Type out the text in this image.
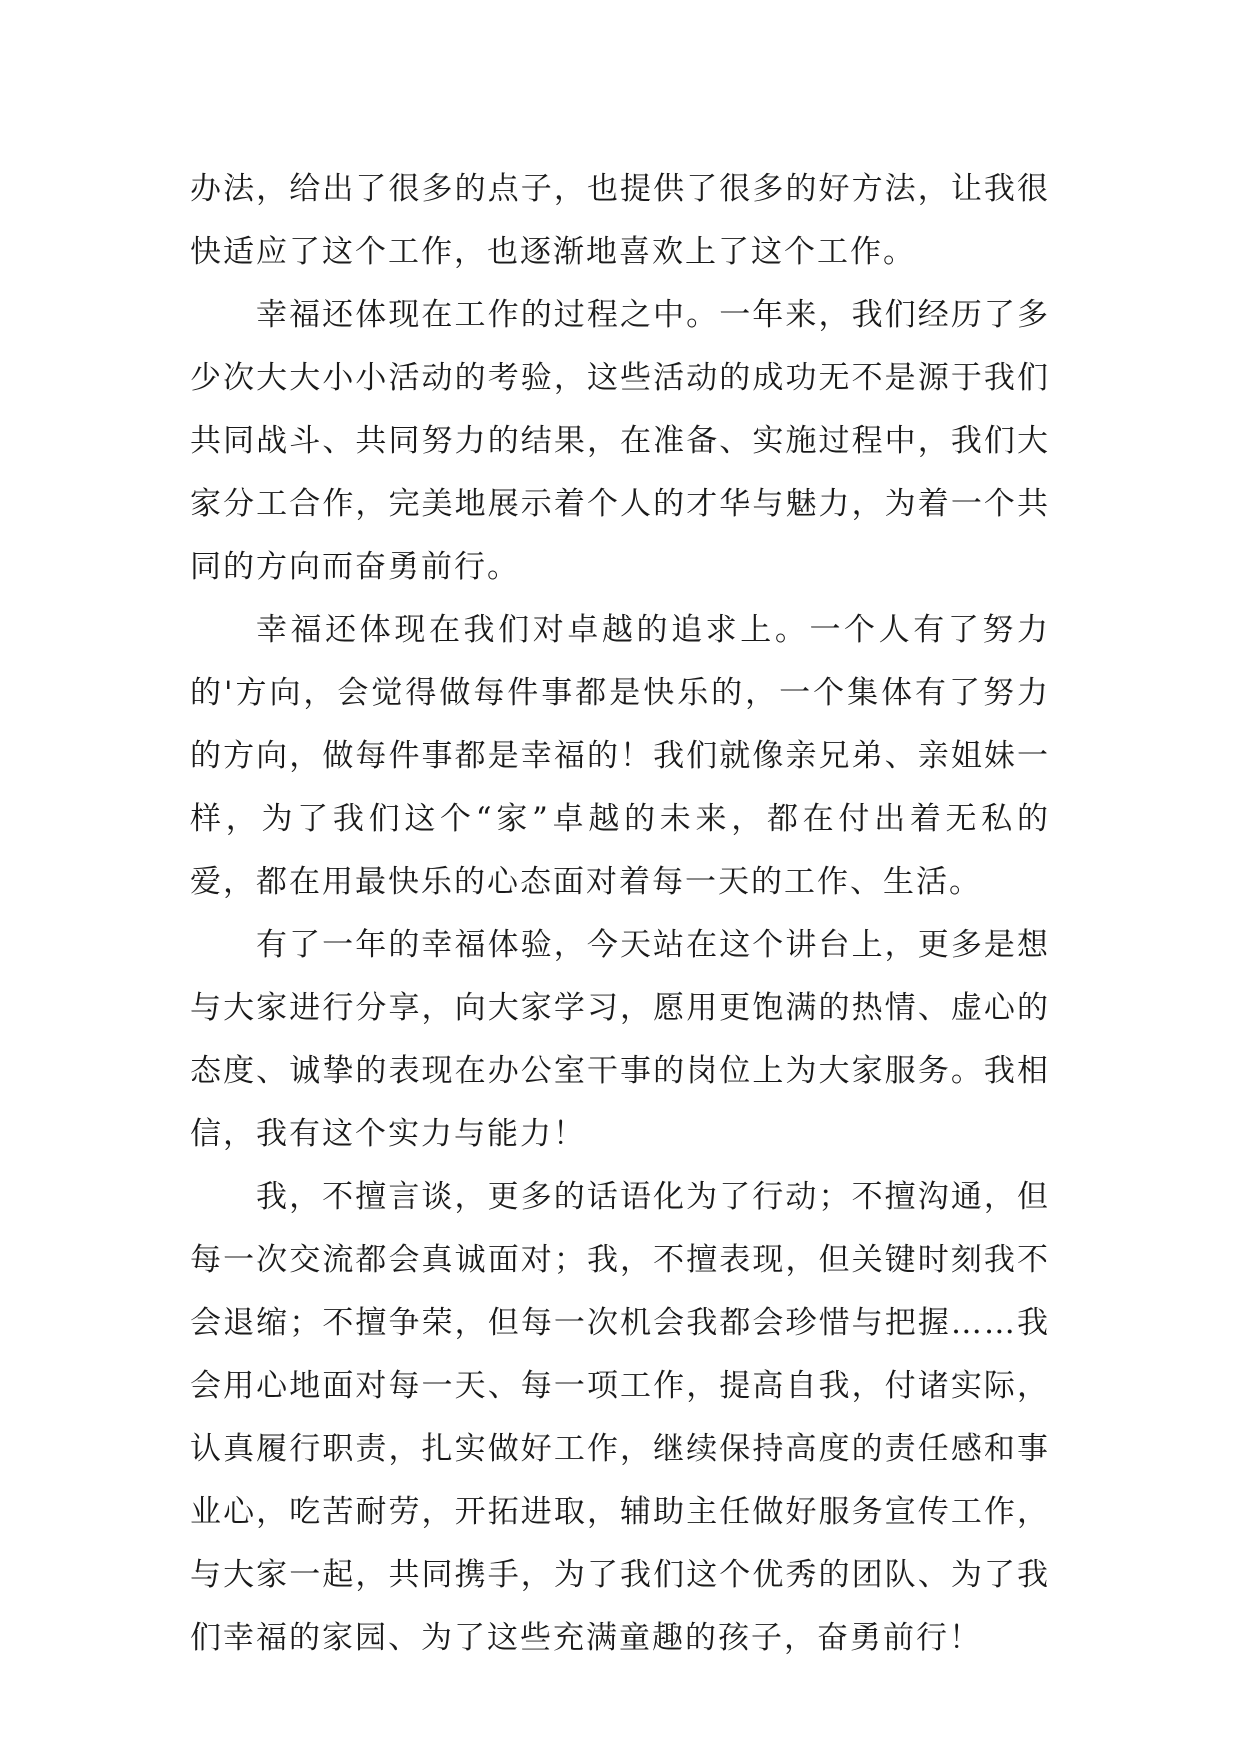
办法，给出了很多的点子，也提供了很多的好方法，让我很快适应了这个工作，也逐渐地喜欢上了这个工作。

幸福还体现在工作的过程之中。一年来，我们经历了多少次大大小小活动的考验，这些活动的成功无不是源于我们共同战斗、共同努力的结果，在准备、实施过程中，我们大家分工合作，完美地展示着个人的才华与魅力，为着一个共同的方向而奋勇前行。

幸福还体现在我们对卓越的追求上。一个人有了努力的'方向，会觉得做每件事都是快乐的，一个集体有了努力的方向，做每件事都是幸福的！我们就像亲兄弟、亲姐妹一样，为了我们这个“家”卓越的未来，都在付出着无私的爱，都在用最快乐的心态面对着每一天的工作、生活。

有了一年的幸福体验，今天站在这个讲台上，更多是想与大家进行分享，向大家学习，愿用更饱满的热情、虚心的态度、诚挚的表现在办公室干事的岗位上为大家服务。我相信，我有这个实力与能力！

我，不擅言谈，更多的话语化为了行动；不擅沟通，但每一次交流都会真诚面对；我，不擅表现，但关键时刻我不会退缩；不擅争荣，但每一次机会我都会珍惜与把握……我会用心地面对每一天、每一项工作，提高自我，付诸实际，认真履行职责，扎实做好工作，继续保持高度的责任感和事业心，吃苦耐劳，开拓进取，辅助主任做好服务宣传工作，与大家一起，共同携手，为了我们这个优秀的团队、为了我们幸福的家园、为了这些充满童趣的孩子，奋勇前行！
